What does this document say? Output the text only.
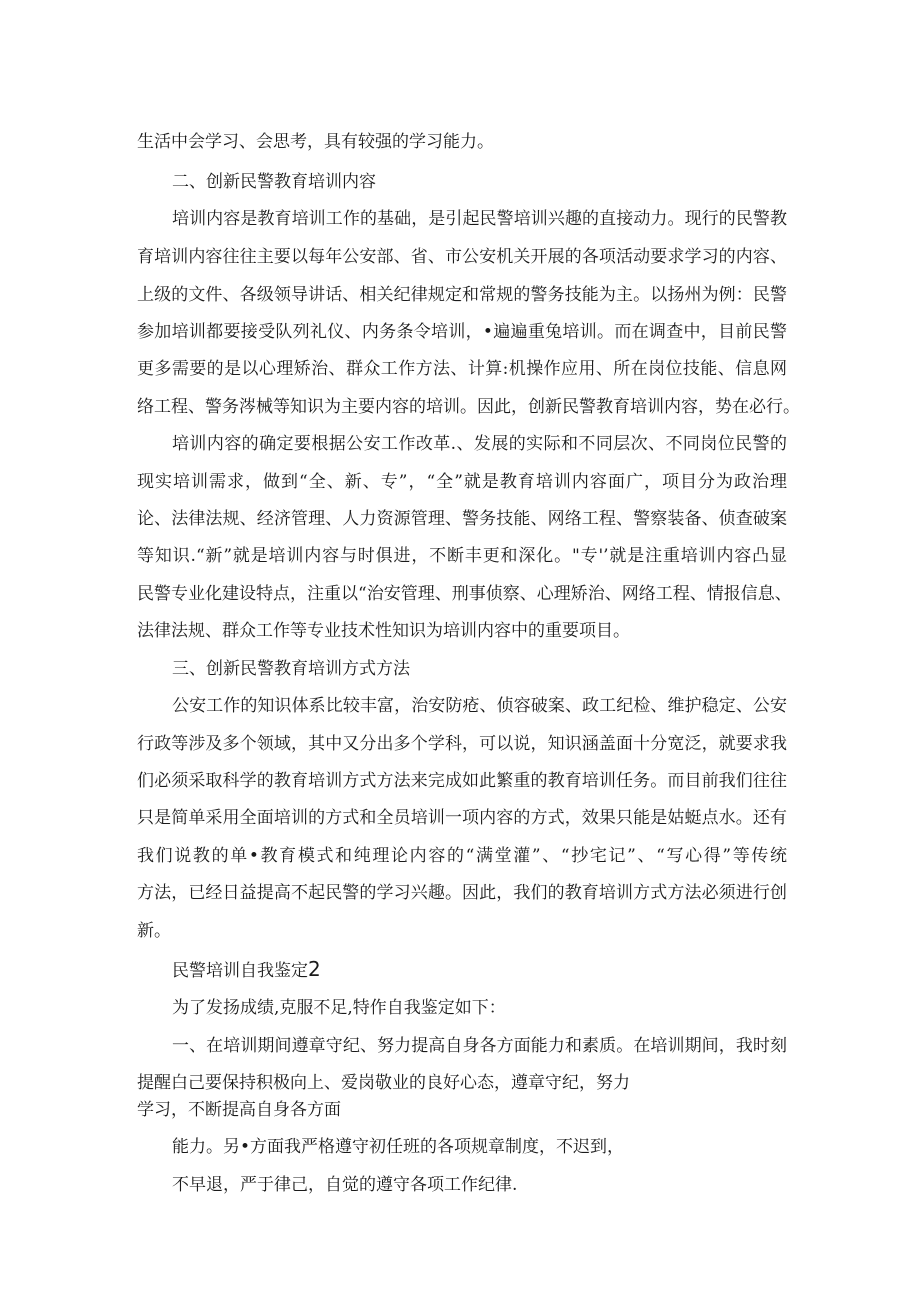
生活中会学习、会思考，具有较强的学习能力。
二、创新民警教育培训内容
培训内容是教育培训工作的基础，是引起民警培训兴趣的直接动力。现行的民警教
育培训内容往往主要以每年公安部、省、市公安机关开展的各项活动要求学习的内容、
上级的文件、各级领导讲话、相关纪律规定和常规的警务技能为主。以扬州为例：民警
参加培训都要接受队列礼仪、内务条令培训，•遍遍重兔培训。而在调查中，目前民警
更多需要的是以心理矫治、群众工作方法、计算:机操作应用、所在岗位技能、信息网
络工程、警务涔械等知识为主要内容的培训。因此，创新民警教育培训内容，势在必行。
培训内容的确定要根据公安工作改革.、发展的实际和不同层次、不同岗位民警的
现实培训需求，做到“全、新、专”，“全”就是教育培训内容面广，项目分为政治理
论、法律法规、经济管理、人力资源管理、警务技能、网络工程、警察装备、侦查破案
等知识.“新”就是培训内容与时俱进，不断丰更和深化。"专'’就是注重培训内容凸显
民警专业化建设特点，注重以“治安管理、刑事侦察、心理矫治、网络工程、情报信息、
法律法规、群众工作等专业技术性知识为培训内容中的重要项目。
三、创新民警教育培训方式方法
公安工作的知识体系比较丰富，治安防疮、侦容破案、政工纪检、维护稳定、公安
行政等涉及多个领域，其中又分出多个学科，可以说，知识涵盖面十分宽泛，就要求我
们必须采取科学的教育培训方式方法来完成如此繁重的教育培训任务。而目前我们往往
只是简单采用全面培训的方式和全员培训一项内容的方式，效果只能是姑蜓点水。还有
我们说教的单•教育模式和纯理论内容的“满堂灌”、“抄宅记”、“写心得”等传统
方法，已经日益提高不起民警的学习兴趣。因此，我们的教育培训方式方法必须进行创
新。
民警培训自我鉴定2
为了发扬成绩,克服不足,特作自我鉴定如下：
一、在培训期间遵章守纪、努力提高自身各方面能力和素质。在培训期间，我时刻
提醒白己要保持积极向上、爱岗敬业的良好心态，遵章守纪，努力
学习，不断提高自身各方面
能力。另•方面我严格遵守初任班的各项规章制度，不迟到，
不早退，严于律己，自觉的遵守各项工作纪律.
